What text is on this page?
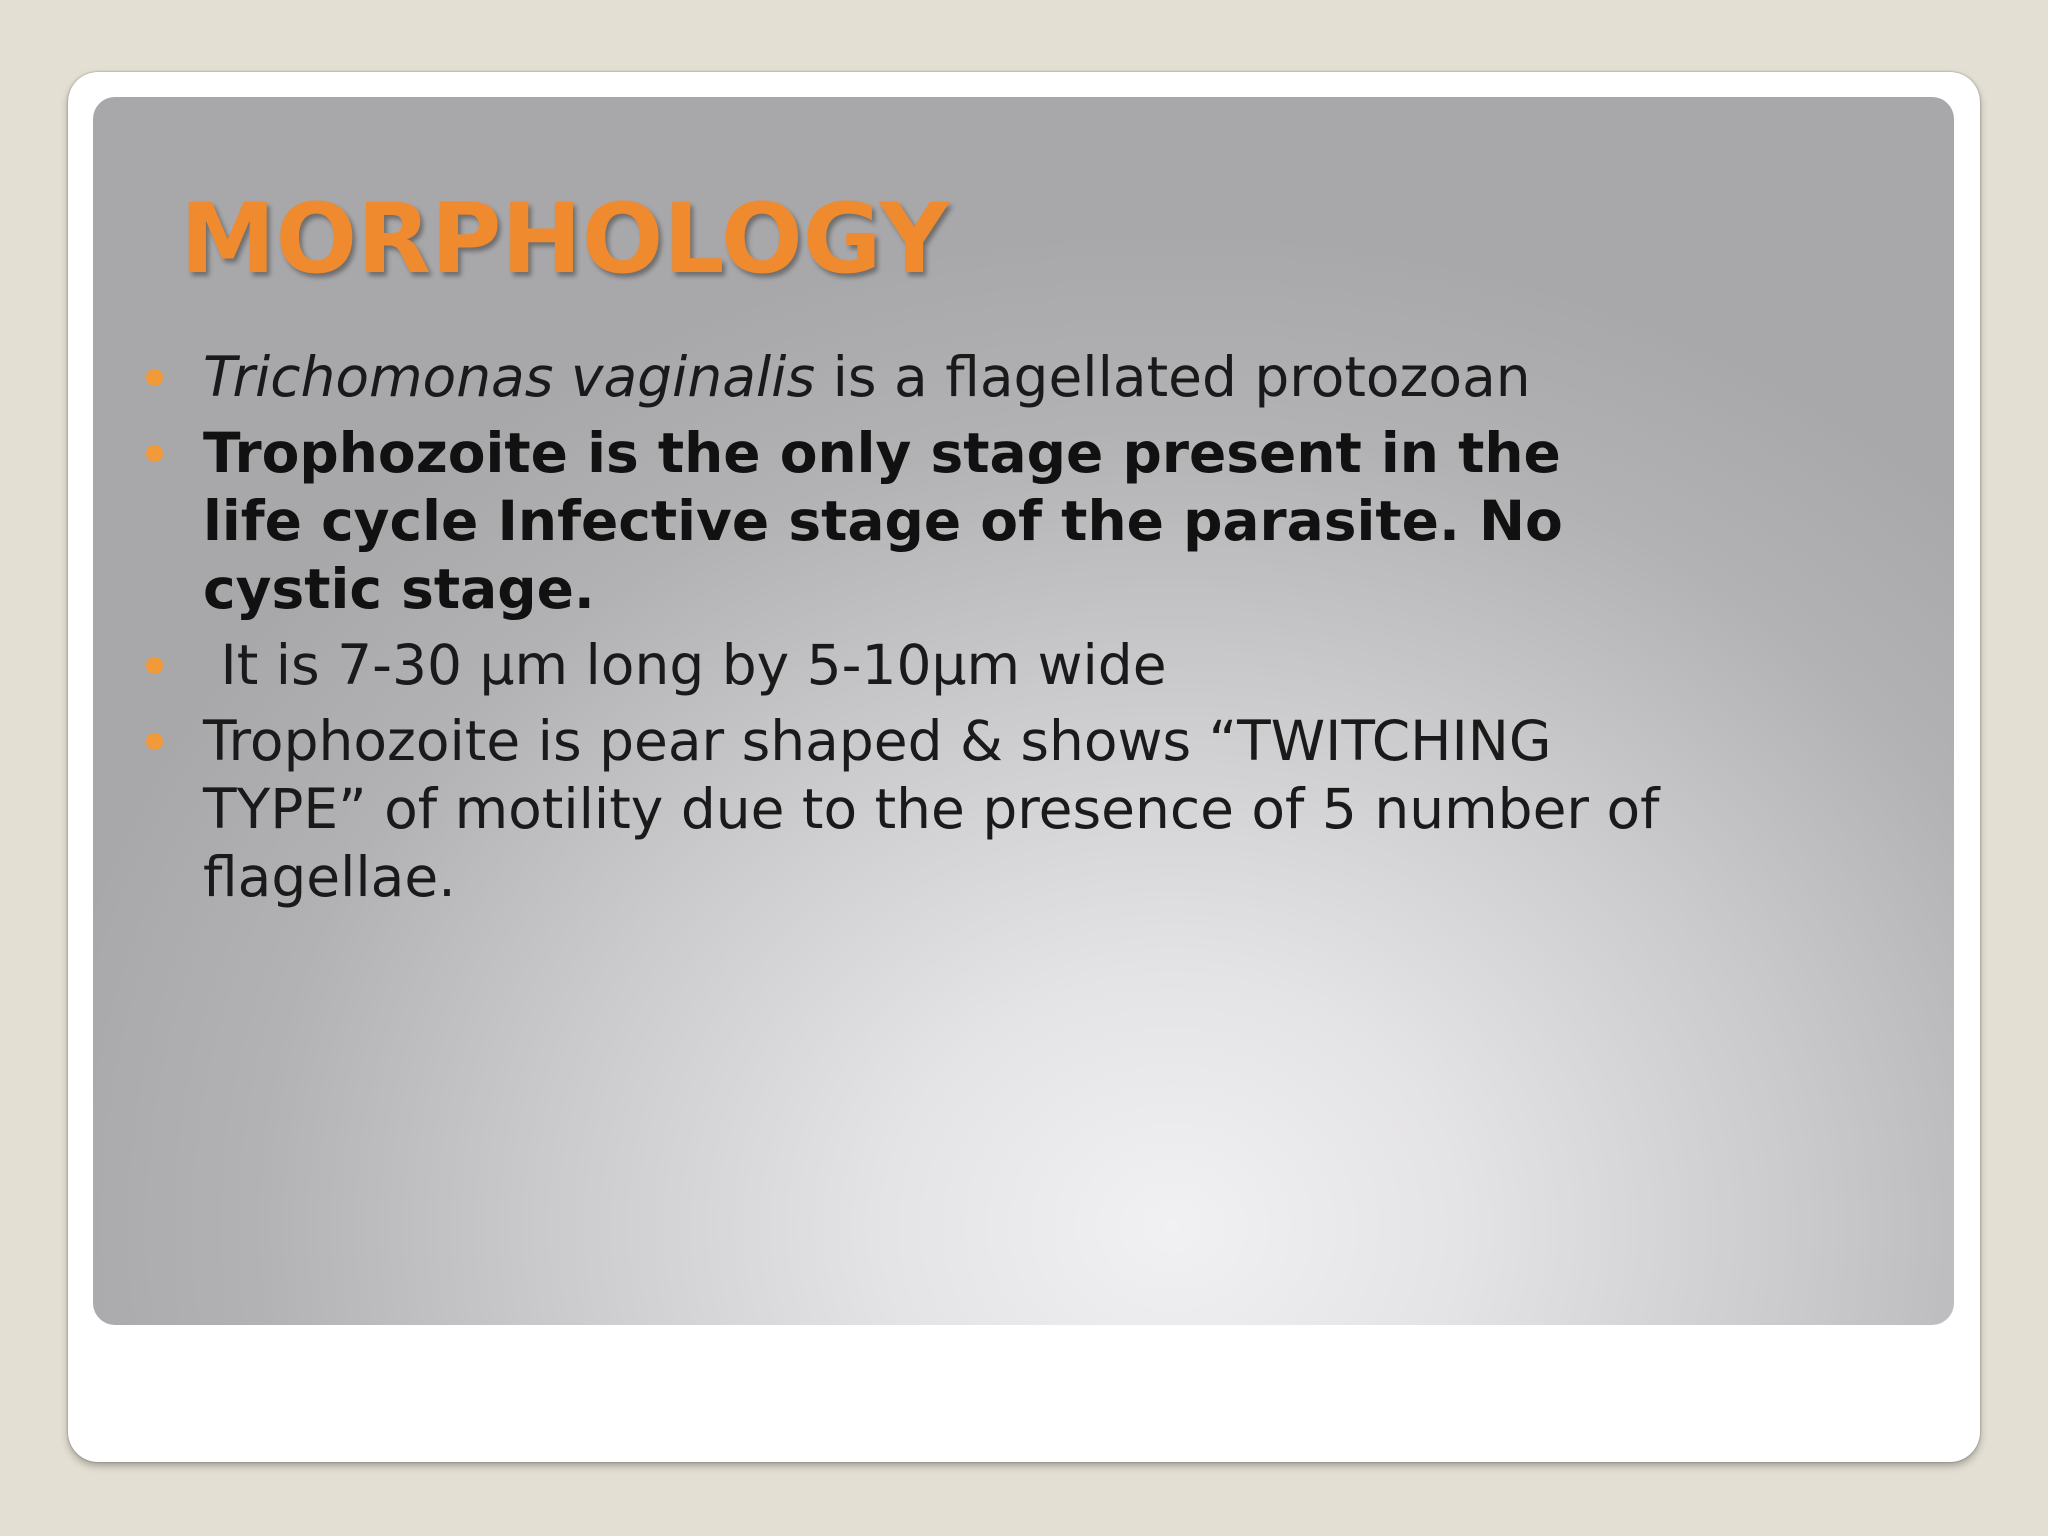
MORPHOLOGY
Trichomonas vaginalis is a flagellated protozoan
Trophozoite is the only stage present in the life cycle Infective stage of the parasite. No cystic stage.
It is 7-30 µm long by 5-10µm wide
Trophozoite is pear shaped & shows “TWITCHING TYPE” of motility due to the presence of 5 number of flagellae.
